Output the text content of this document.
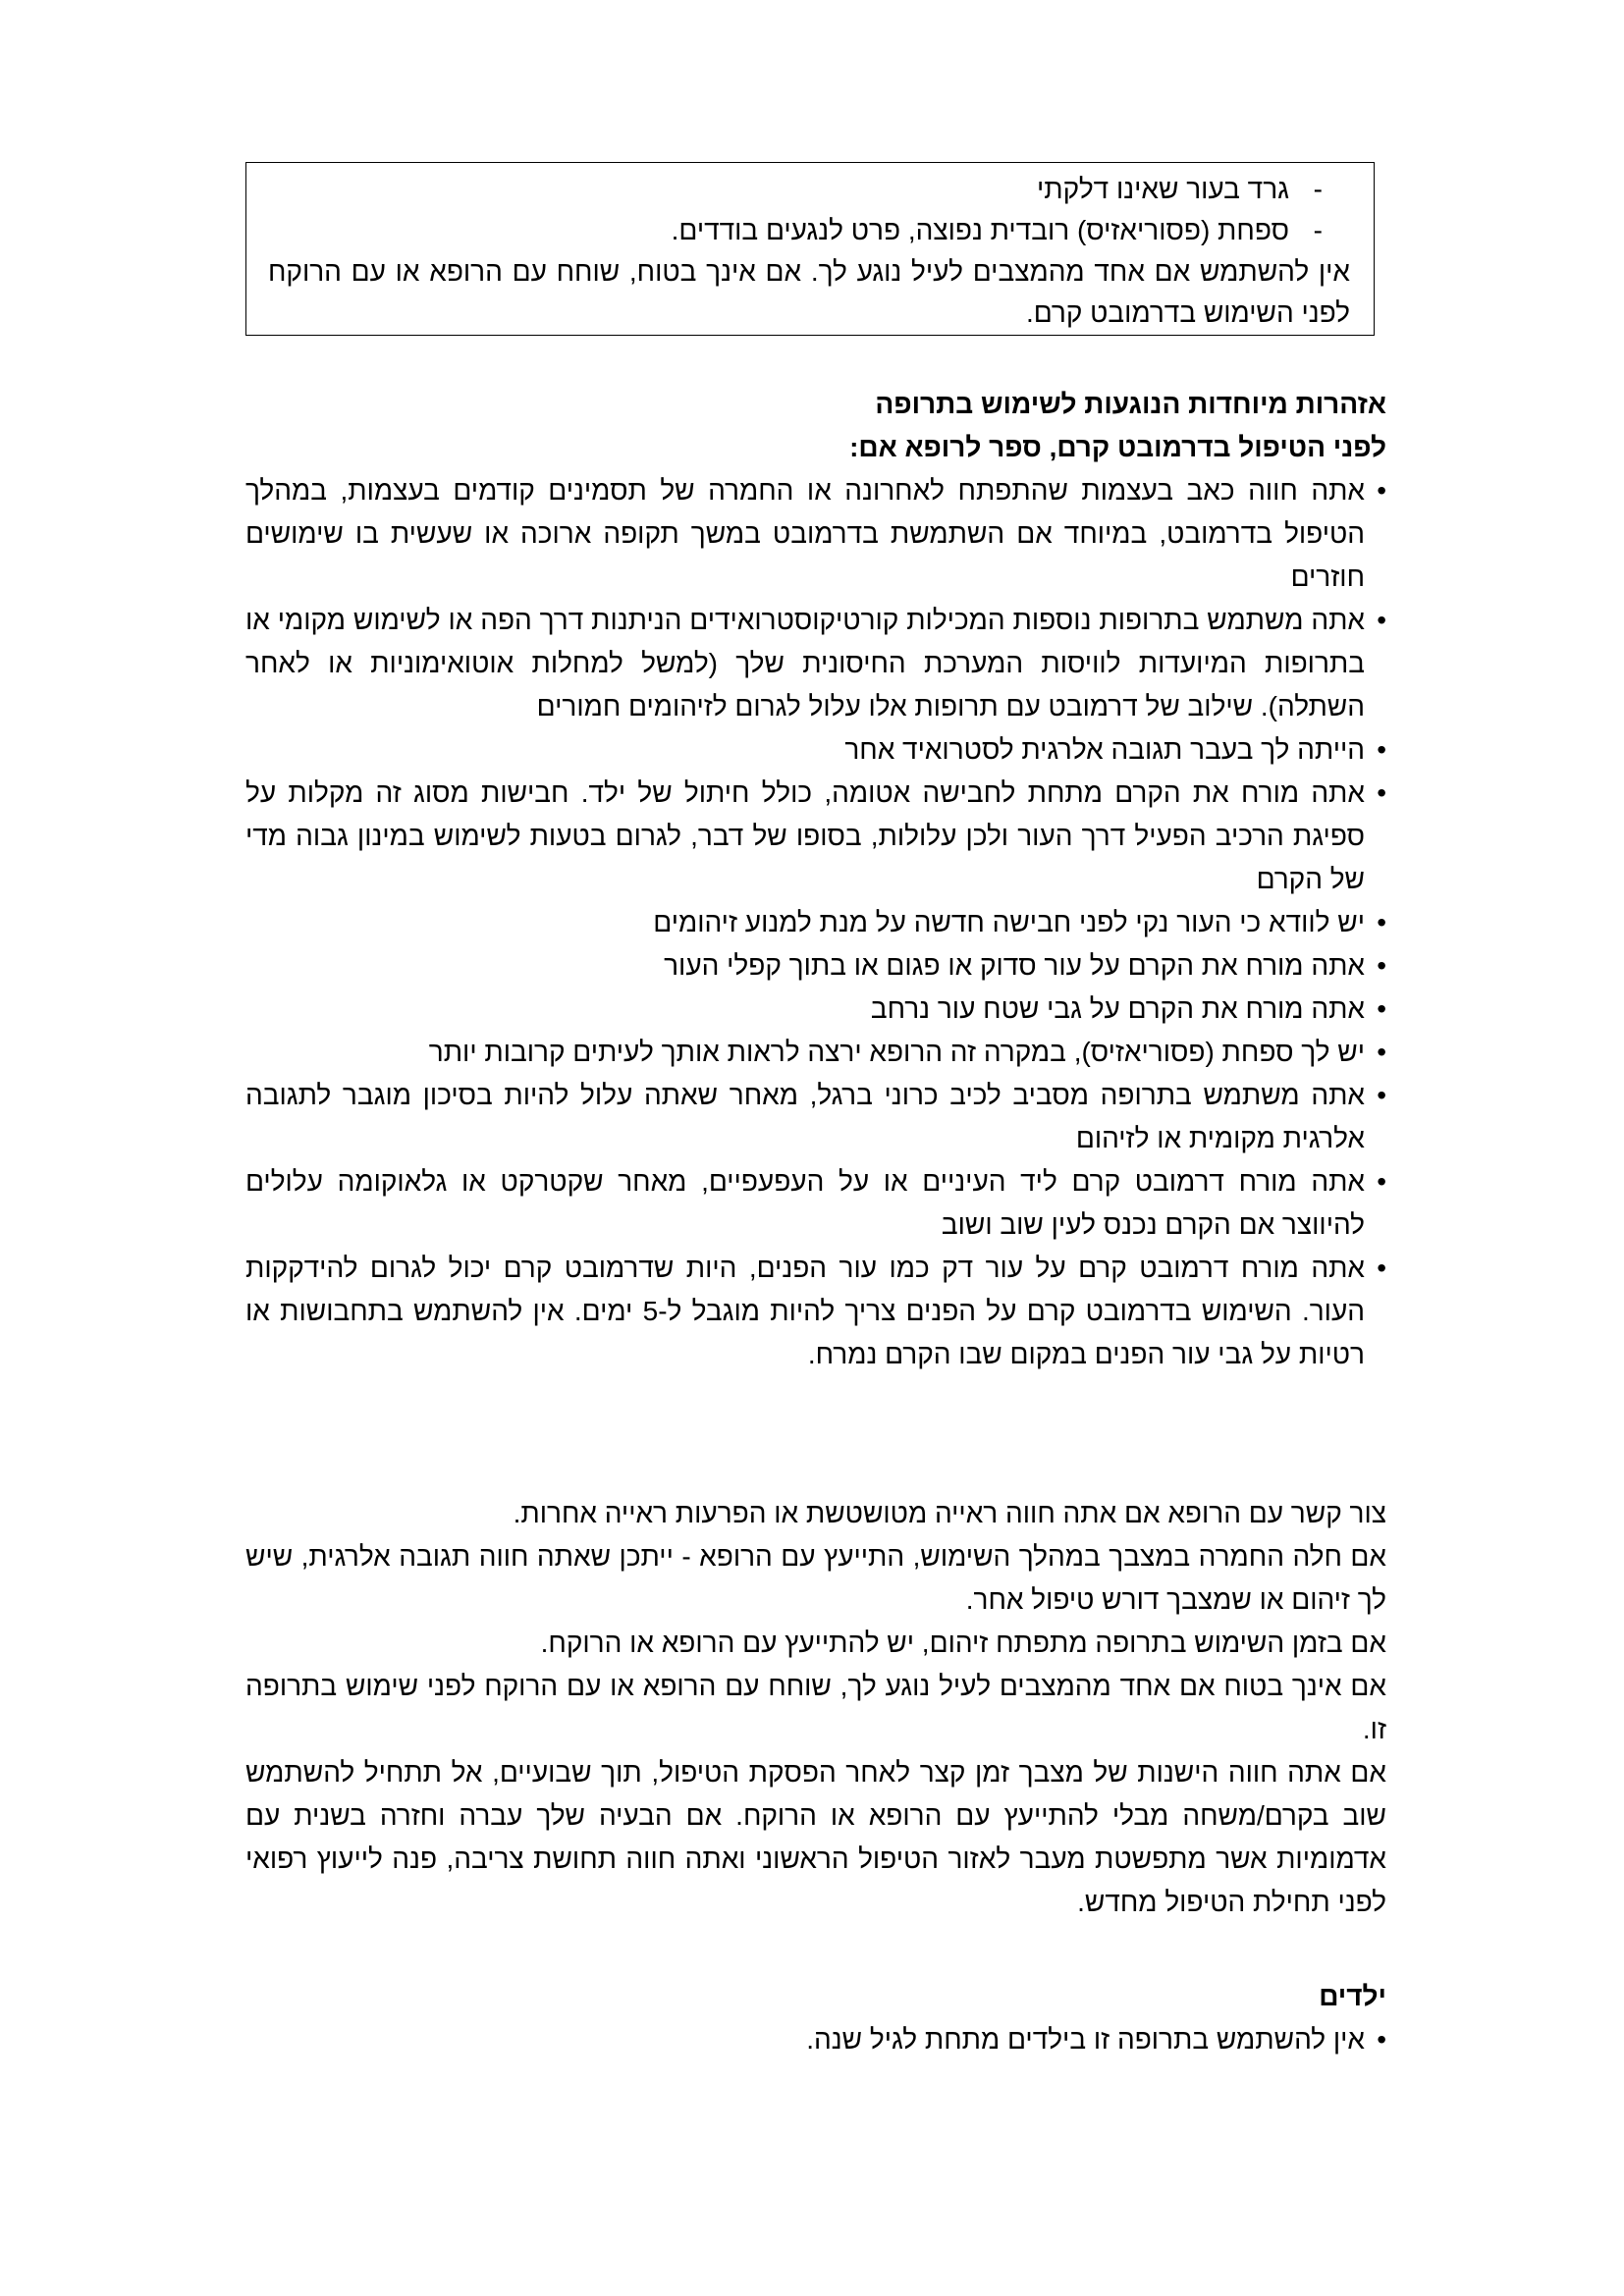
-גרד בעור שאינו דלקתי

-ספחת (פסוריאזיס) רובדית נפוצה, פרט לנגעים בודדים.

אין להשתמש אם אחד מהמצבים לעיל נוגע לך. אם אינך בטוח, שוחח עם הרופא או עם הרוקח לפני השימוש בדרמובט קרם.

אזהרות מיוחדות הנוגעות לשימוש בתרופה
לפני הטיפול בדרמובט קרם, ספר לרופא אם:
•
אתה חווה כאב בעצמות שהתפתח לאחרונה או החמרה של תסמינים קודמים בעצמות, במהלך הטיפול בדרמובט, במיוחד אם השתמשת בדרמובט במשך תקופה ארוכה או שעשית בו שימושים חוזרים
•
אתה משתמש בתרופות נוספות המכילות קורטיקוסטרואידים הניתנות דרך הפה או לשימוש מקומי או בתרופות המיועדות לוויסות המערכת החיסונית שלך (למשל למחלות אוטואימוניות או לאחר השתלה). שילוב של דרמובט עם תרופות אלו עלול לגרום לזיהומים חמורים
•
הייתה לך בעבר תגובה אלרגית לסטרואיד אחר
•
אתה מורח את הקרם מתחת לחבישה אטומה, כולל חיתול של ילד. חבישות מסוג זה מקלות על ספיגת הרכיב הפעיל דרך העור ולכן עלולות, בסופו של דבר, לגרום בטעות לשימוש במינון גבוה מדי של הקרם
•
יש לוודא כי העור נקי לפני חבישה חדשה על מנת למנוע זיהומים
•
אתה מורח את הקרם על עור סדוק או פגום או בתוך קפלי העור
•
אתה מורח את הקרם על גבי שטח עור נרחב
•
יש לך ספחת (פסוריאזיס), במקרה זה הרופא ירצה לראות אותך לעיתים קרובות יותר
•
אתה משתמש בתרופה מסביב לכיב כרוני ברגל, מאחר שאתה עלול להיות בסיכון מוגבר לתגובה אלרגית מקומית או לזיהום
•
אתה מורח דרמובט קרם ליד העיניים או על העפעפיים, מאחר שקטרקט או גלאוקומה עלולים להיווצר אם הקרם נכנס לעין שוב ושוב
•
אתה מורח דרמובט קרם על עור דק כמו עור הפנים, היות שדרמובט קרם יכול לגרום להידקקות העור. השימוש בדרמובט קרם על הפנים צריך להיות מוגבל ל-5 ימים. אין להשתמש בתחבושות או רטיות על גבי עור הפנים במקום שבו הקרם נמרח.

צור קשר עם הרופא אם אתה חווה ראייה מטושטשת או הפרעות ראייה אחרות.

אם חלה החמרה במצבך במהלך השימוש, התייעץ עם הרופא - ייתכן שאתה חווה תגובה אלרגית, שיש לך זיהום או שמצבך דורש טיפול אחר.

אם בזמן השימוש בתרופה מתפתח זיהום, יש להתייעץ עם הרופא או הרוקח.

אם אינך בטוח אם אחד מהמצבים לעיל נוגע לך, שוחח עם הרופא או עם הרוקח לפני שימוש בתרופה זו.

אם אתה חווה הישנות של מצבך זמן קצר לאחר הפסקת הטיפול, תוך שבועיים, אל תתחיל להשתמש שוב בקרם/משחה מבלי להתייעץ עם הרופא או הרוקח. אם הבעיה שלך עברה וחזרה בשנית עם אדמומיות אשר מתפשטת מעבר לאזור הטיפול הראשוני ואתה חווה תחושת צריבה, פנה לייעוץ רפואי לפני תחילת הטיפול מחדש.

ילדים
•
אין להשתמש בתרופה זו בילדים מתחת לגיל שנה.
